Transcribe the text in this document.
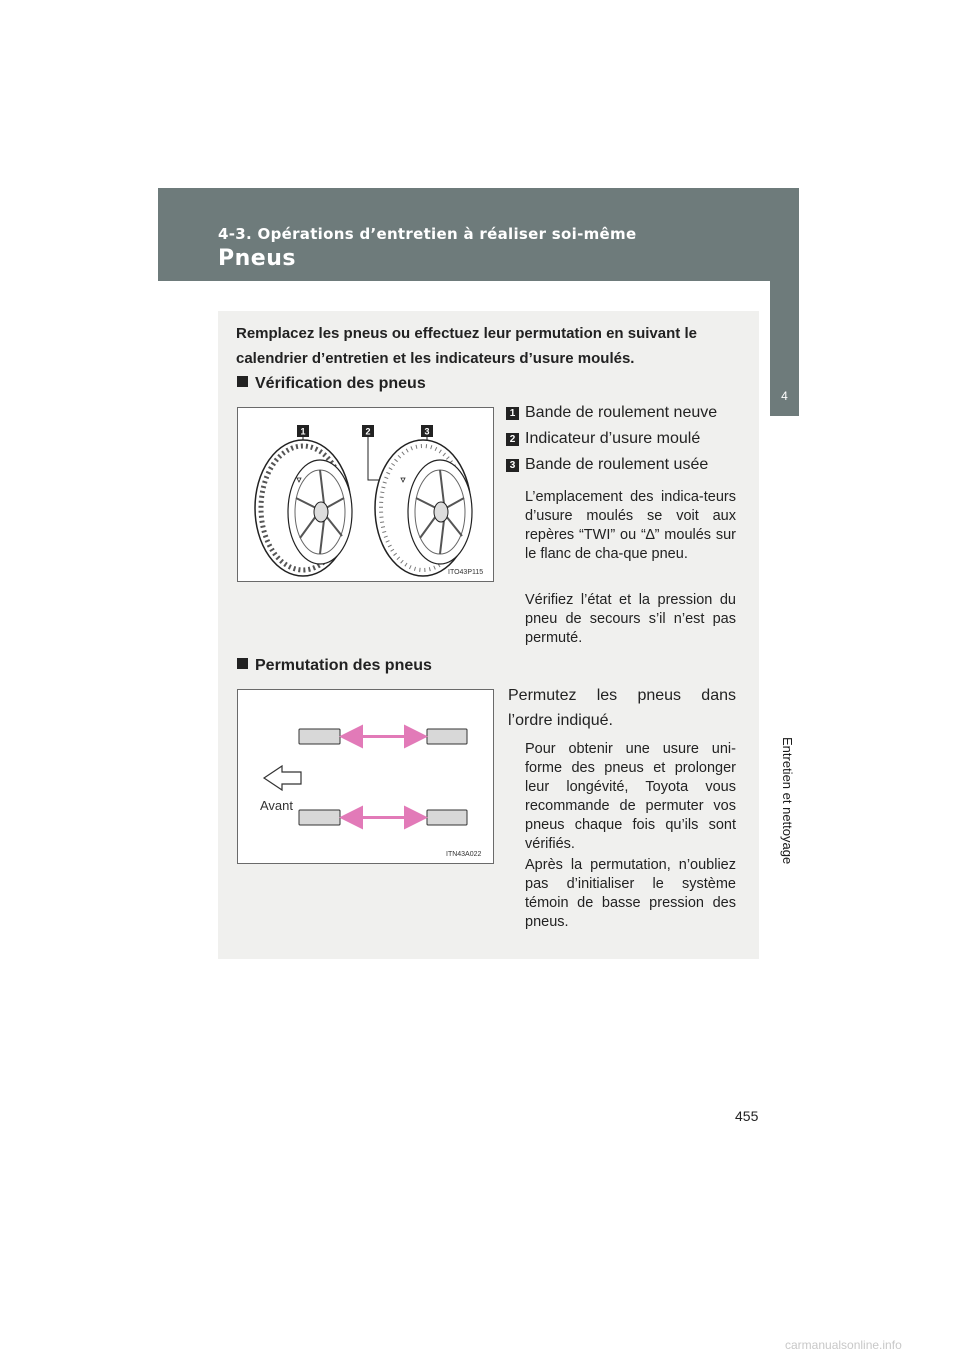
4-3. Opérations d’entretien à réaliser soi-même
Pneus
4
Entretien et nettoyage
Remplacez les pneus ou effectuez leur permutation en suivant le calendrier d’entretien et les indicateurs d’usure moulés.
Vérification des pneus
1	2	3
ITO43P115
1 Bande de roulement neuve
2 Indicateur d’usure moulé
3 Bande de roulement usée
L’emplacement des indica-teurs d’usure moulés se voit aux repères “TWI” ou “∆” moulés sur le flanc de cha-que pneu.
Vérifiez l’état et la pression du pneu de secours s’il n’est pas permuté.
Permutation des pneus
Avant
ITN43A022
Permutez les pneus dans l’ordre indiqué.
Pour obtenir une usure uni-forme des pneus et prolonger leur longévité, Toyota vous recommande de permuter vos pneus chaque fois qu’ils sont vérifiés.
Après la permutation, n’oubliez pas d’initialiser le système témoin de basse pression des pneus.
455
carmanualsonline.info
